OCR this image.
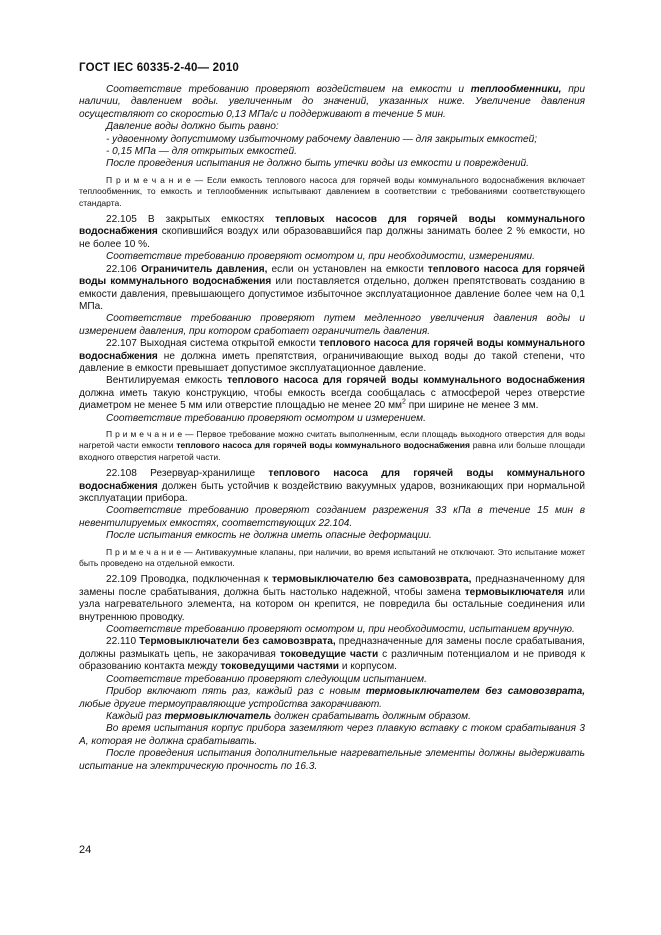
ГОСТ IEC 60335-2-40— 2010

Соответствие требованию проверяют воздействием на емкости и теплообменники, при наличии, давлением воды. увеличенным до значений, указанных ниже. Увеличение давления осуществляют со скоростью 0,13 МПа/с и поддерживают в течение 5 мин.

Давление воды должно быть равно:

- удвоенному допустимому избыточному рабочему давлению — для закрытых емкостей;

- 0,15 МПа — для открытых емкостей.

После проведения испытания не должно быть утечки воды из емкости и повреждений.

П р и м е ч а н и е — Если емкость теплового насоса для горячей воды коммунального водоснабжения включает теплообменник, то емкость и теплообменник испытывают давлением в соответствии с требованиями соответствующего стандарта.

22.105 В закрытых емкостях тепловых насосов для горячей воды коммунального водоснабжения скопившийся воздух или образовавшийся пар должны занимать более 2 % емкости, но не более 10 %.

Соответствие требованию проверяют осмотром и, при необходимости, измерениями.

22.106 Ограничитель давления, если он установлен на емкости теплового насоса для горячей воды коммунального водоснабжения или поставляется отдельно, должен препятствовать созданию в емкости давления, превышающего допустимое избыточное эксплуатационное давление более чем на 0,1 МПа.

Соответствие требованию проверяют путем медленного увеличения давления воды и измерением давления, при котором сработает ограничитель давления.

22.107 Выходная система открытой емкости теплового насоса для горячей воды коммунального водоснабжения не должна иметь препятствия, ограничивающие выход воды до такой степени, что давление в емкости превышает допустимое эксплуатационное давление.

Вентилируемая емкость теплового насоса для горячей воды коммунального водоснабжения должна иметь такую конструкцию, чтобы емкость всегда сообщалась с атмосферой через отверстие диаметром не менее 5 мм или отверстие площадью не менее 20 $мм^2$ при ширине не менее 3 мм.

Соответствие требованию проверяют осмотром и измерением.

П р и м е ч а н и е — Первое требование можно считать выполненным, если площадь выходного отверстия для воды нагретой части емкости теплового насоса для горячей воды коммунального водоснабжения равна или больше площади входного отверстия нагретой части.

22.108 Резервуар-хранилище теплового насоса для горячей воды коммунального водоснабжения должен быть устойчив к воздействию вакуумных ударов, возникающих при нормальной эксплуатации прибора.

Соответствие требованию проверяют созданием разрежения 33 кПа в течение 15 мин в невентилируемых емкостях, соответствующих 22.104.

После испытания емкость не должна иметь опасные деформации.

П р и м е ч а н и е — Антивакуумные клапаны, при наличии, во время испытаний не отключают. Это испытание может быть проведено на отдельной емкости.

22.109 Проводка, подключенная к термовыключателю без самовозврата, предназначенному для замены после срабатывания, должна быть настолько надежной, чтобы замена термовыключателя или узла нагревательного элемента, на котором он крепится, не повредила бы остальные соединения или внутреннюю проводку.

Соответствие требованию проверяют осмотром и, при необходимости, испытанием вручную.

22.110 Термовыключатели без самовозврата, предназначенные для замены после срабатывания, должны размыкать цепь, не закорачивая токоведущие части с различным потенциалом и не приводя к образованию контакта между токоведущими частями и корпусом.

Соответствие требованию проверяют следующим испытанием.

Прибор включают пять раз, каждый раз с новым термовыключателем без самовозврата, любые другие термоуправляющие устройства закорачивают.

Каждый раз термовыключатель должен срабатывать должным образом.

Во время испытания корпус прибора заземляют через плавкую вставку с током срабатывания 3 А, которая не должна срабатывать.

После проведения испытания дополнительные нагревательные элементы должны выдерживать испытание на электрическую прочность по 16.3.

24
